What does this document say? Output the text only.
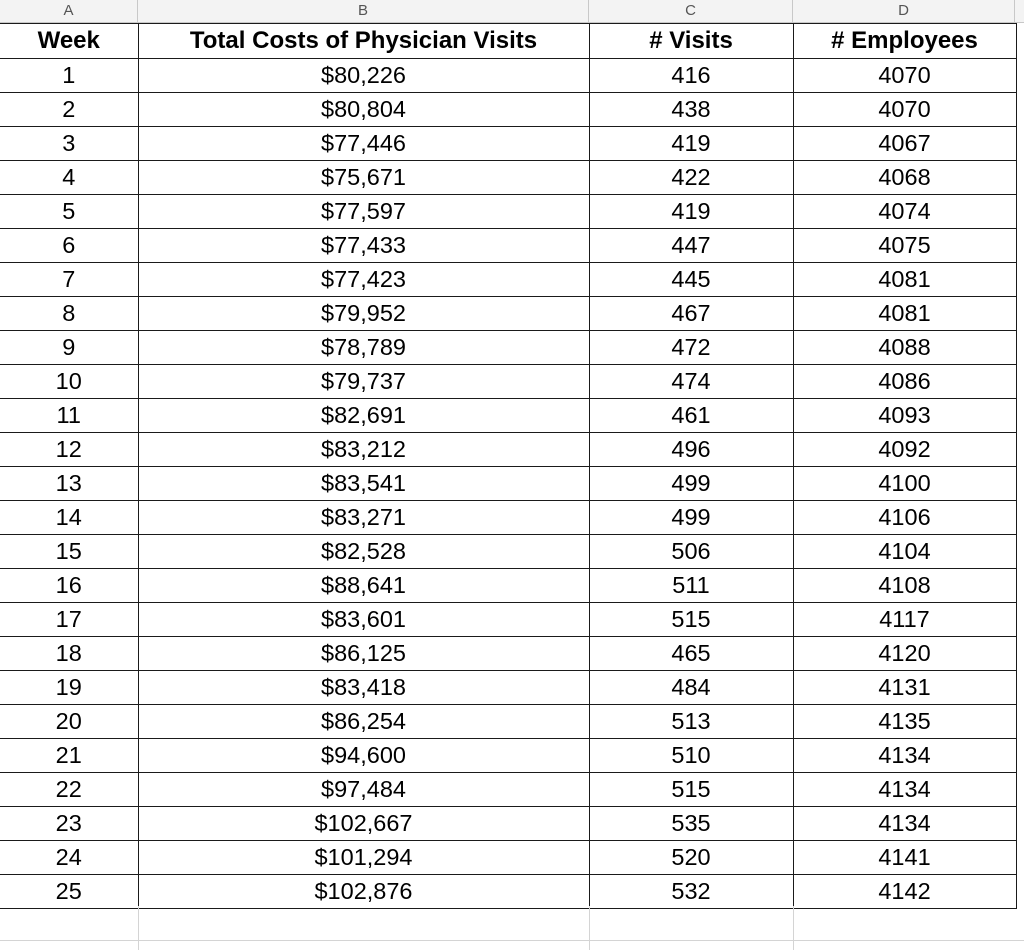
A	B	C	D
Week	Total Costs of Physician Visits	# Visits	# Employees
1	$80,226	416	4070
2	$80,804	438	4070
3	$77,446	419	4067
4	$75,671	422	4068
5	$77,597	419	4074
6	$77,433	447	4075
7	$77,423	445	4081
8	$79,952	467	4081
9	$78,789	472	4088
10	$79,737	474	4086
11	$82,691	461	4093
12	$83,212	496	4092
13	$83,541	499	4100
14	$83,271	499	4106
15	$82,528	506	4104
16	$88,641	511	4108
17	$83,601	515	4117
18	$86,125	465	4120
19	$83,418	484	4131
20	$86,254	513	4135
21	$94,600	510	4134
22	$97,484	515	4134
23	$102,667	535	4134
24	$101,294	520	4141
25	$102,876	532	4142
